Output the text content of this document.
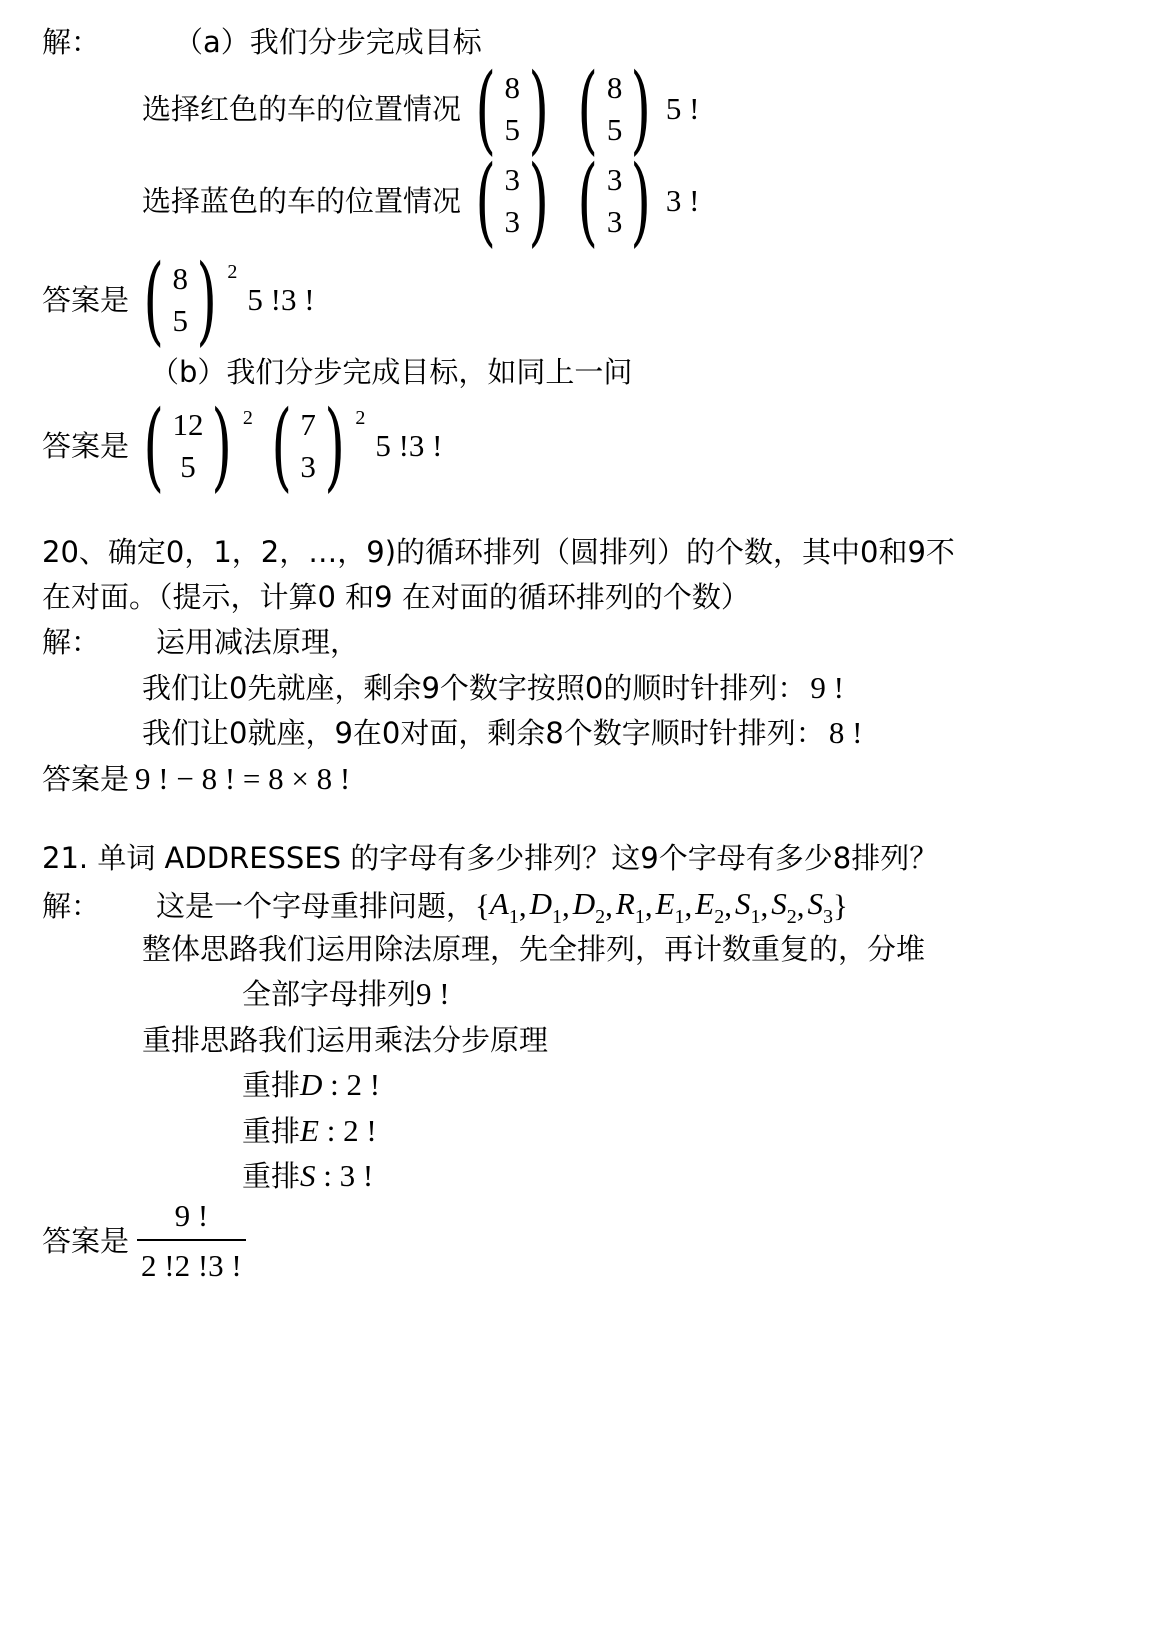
解：	（a）我们分步完成目标
选择红色的车的位置情况 ( 8
5 ) ( 8
5 ) 5 !
选择蓝色的车的位置情况 ( 3
3 ) ( 3
3 ) 3 !
答案是 ( 8
5 ) 2
5 !3 !
（b）我们分步完成目标，如同上一问
答案是 ( 12
5 ) 2 ( 7
3 ) 2
5 !3 !
20、确定0，1，2，…，9)的循环排列（圆排列）的个数，其中0和9不
在对面。（提示，计算0 和9 在对面的循环排列的个数）
解： 运用减法原理，
我们让0先就座，剩余9个数字按照0的顺时针排列： 9 !
我们让0就座，9在0对面，剩余8个数字顺时针排列： 8 !
答案是 9 ! − 8 ! = 8 × 8 !
21. 单词 ADDRESSES 的字母有多少排列？这9个字母有多少8排列？
解： 这是一个字母重排问题， { A 1 , D 1 , D 2 , R 1 , E 1 , E 2 , S 1 , S 2 , S 3 }
整体思路我们运用除法原理，先全排列，再计数重复的，分堆
全部字母排列 9 !
重排思路我们运用乘法分步原理
重排 D : 2 !
重排 E : 2 !
重排 S : 3 !
答案是 $\frac{9 !}{2 !2 !3 !}$
